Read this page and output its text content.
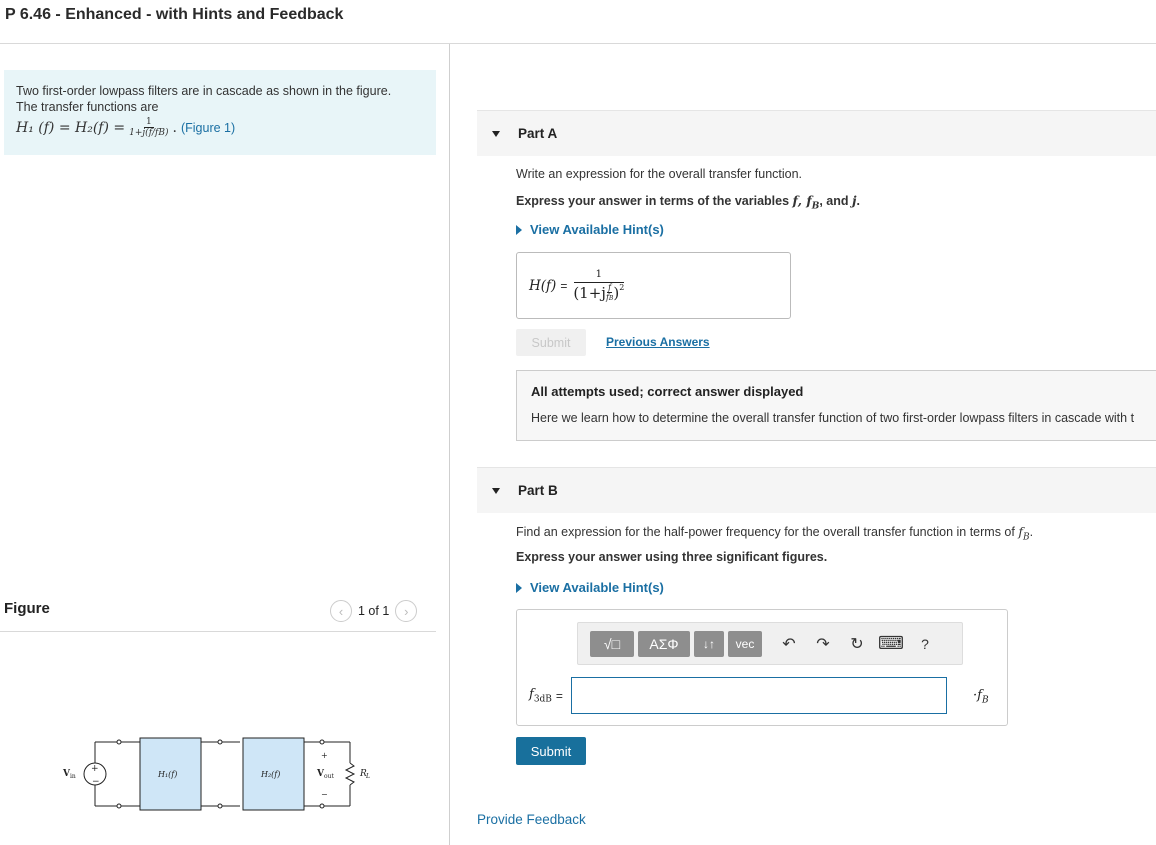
P 6.46 - Enhanced - with Hints and Feedback

Two first-order lowpass filters are in cascade as shown in the figure.

The transfer functions are

H₁ $(f) = H_2(f) = \frac{1}{1+j(f/fB)}$ . (Figure 1)
Figure	‹	1 of 1	›
+
−
V in	H₁(f)	H₂(f)
+
−
V out	R L
Part A
Write an expression for the overall transfer function.
Express your answer in terms of the variables f, $f_B$, and j.
View Available Hint(s)
H(f) = 1
(1+j f
fB )$^2$
Submit	Previous Answers
All attempts used; correct answer displayed
Here we learn how to determine the overall transfer function of two first-order lowpass filters in cascade with t
Part B
Find an expression for the half-power frequency for the overall transfer function in terms of $f_B$.
Express your answer using three significant figures.
View Available Hint(s)
√□	ΑΣΦ	↓↑	vec	↶	↷	↻ ⌨	?
$f_{3dB}$ =	$\cdot f_B$
Submit
Provide Feedback
